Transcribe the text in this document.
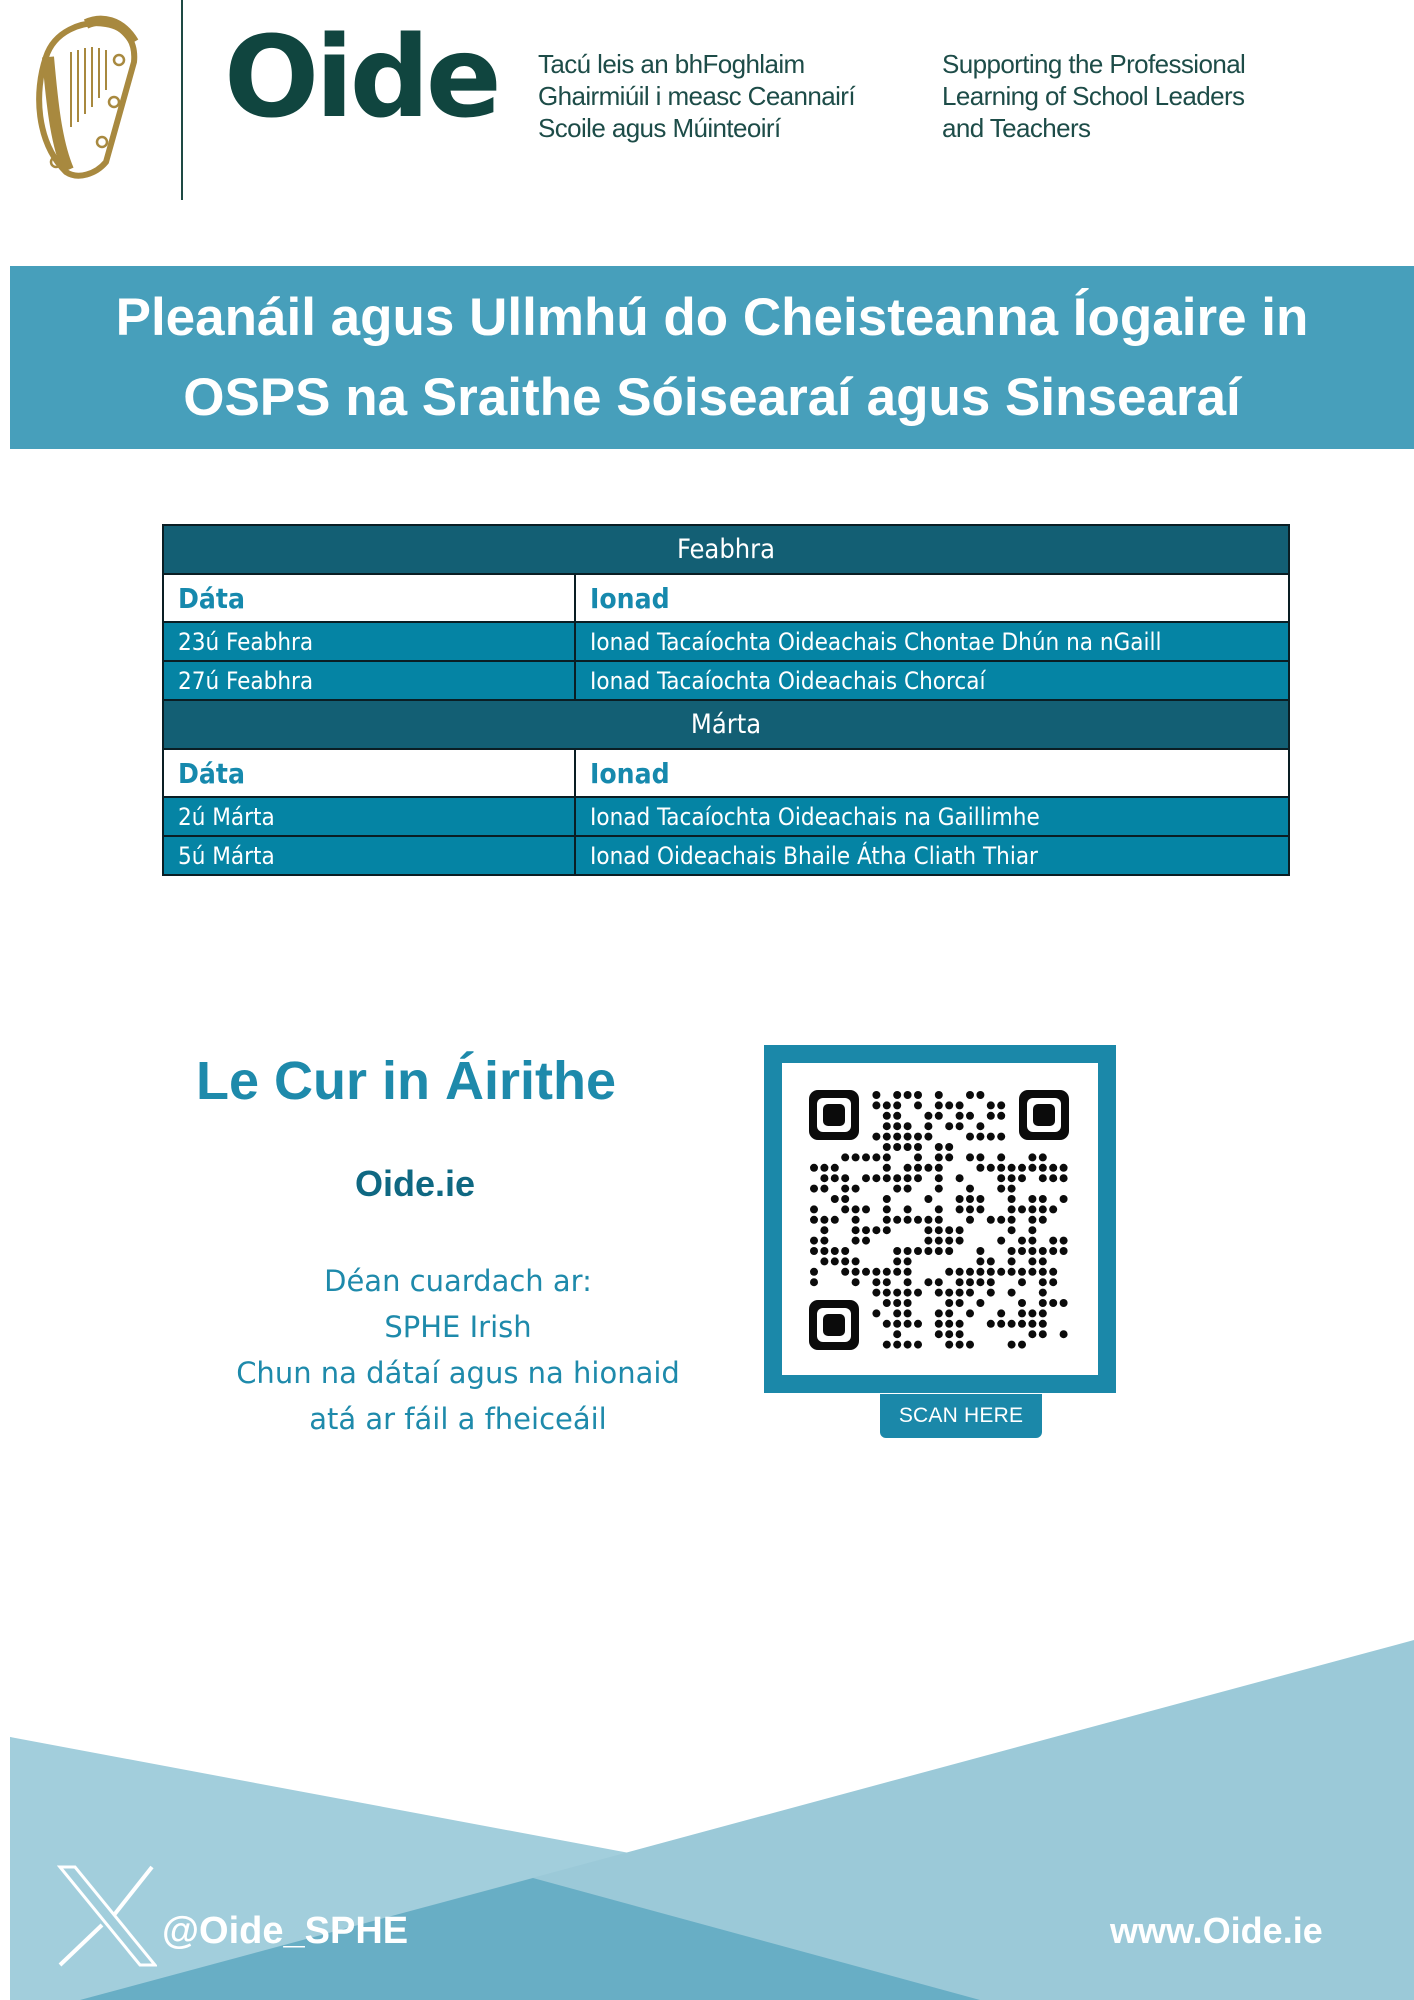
Oide Tacú leis an bhFoghlaim
Ghairmiúil i measc Ceannairí
Scoile agus Múinteoirí
Supporting the Professional
Learning of School Leaders
and Teachers
Pleanáil agus Ullmhú do Cheisteanna Íogaire in
OSPS na Sraithe Sóisearaí agus Sinsearaí
Feabhra	
Dáta	Ionad
23ú Feabhra	Ionad Tacaíochta Oideachais Chontae Dhún na nGaill
27ú Feabhra	Ionad Tacaíochta Oideachais Chorcaí
Márta	
Dáta	Ionad
2ú Márta	Ionad Tacaíochta Oideachais na Gaillimhe
5ú Márta	Ionad Oideachais Bhaile Átha Cliath Thiar
Le Cur in Áirithe
Oide.ie
Déan cuardach ar:
SPHE Irish
Chun na dátaí agus na hionaid
atá ar fáil a fheiceáil	SCAN HERE
@Oide_SPHE	www.Oide.ie
